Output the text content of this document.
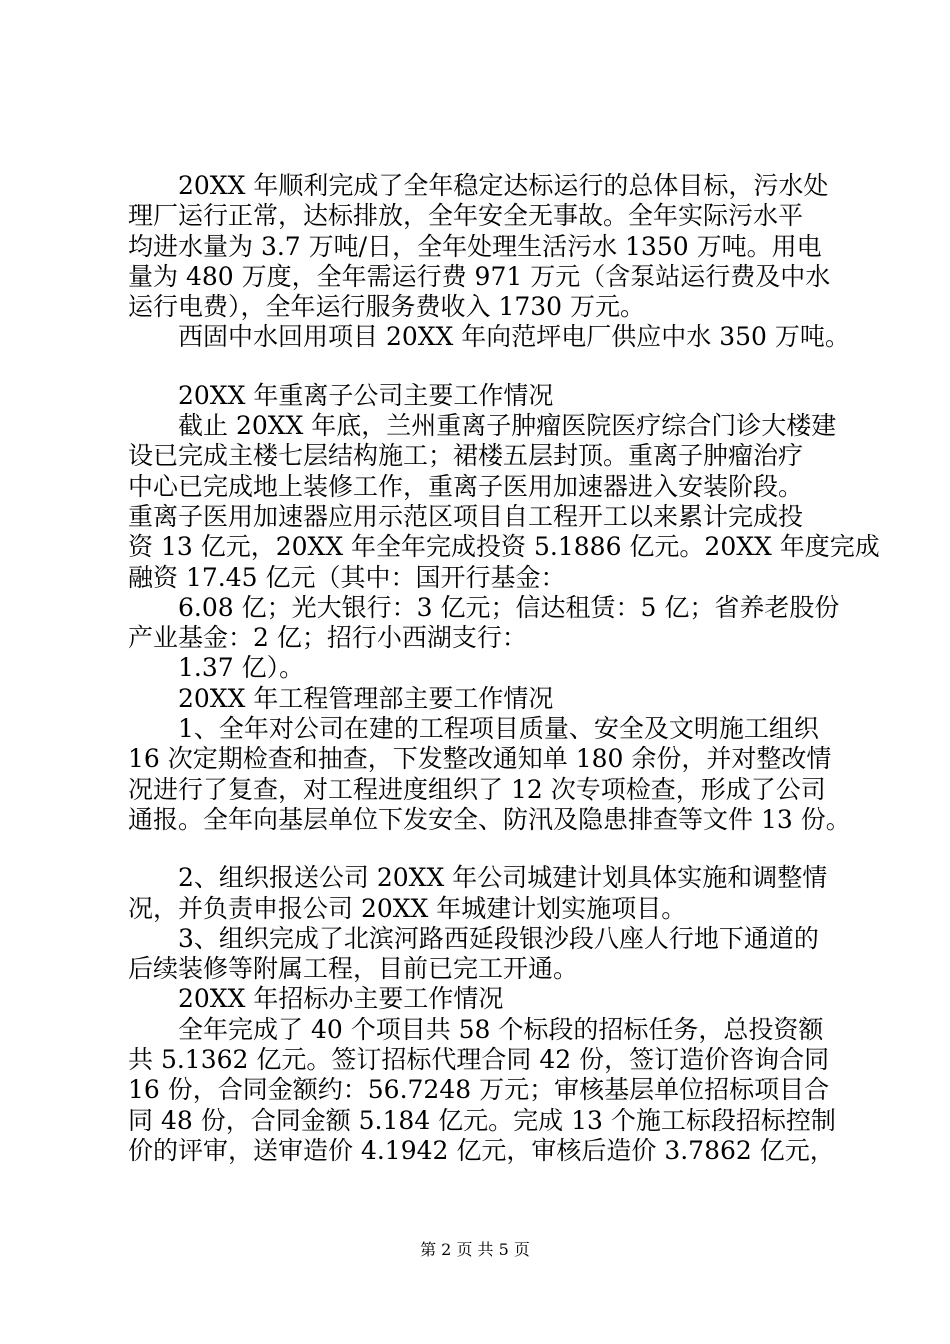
20XX 年顺利完成了全年稳定达标运行的总体目标，污水处
理厂运行正常，达标排放，全年安全无事故。全年实际污水平
均进水量为 3.7 万吨/日，全年处理生活污水 1350 万吨。用电
量为 480 万度，全年需运行费 971 万元（含泵站运行费及中水
运行电费），全年运行服务费收入 1730 万元。
西固中水回用项目 20XX 年向范坪电厂供应中水 350 万吨。
20XX 年重离子公司主要工作情况
截止 20XX 年底，兰州重离子肿瘤医院医疗综合门诊大楼建
设已完成主楼七层结构施工；裙楼五层封顶。重离子肿瘤治疗
中心已完成地上装修工作，重离子医用加速器进入安装阶段。
重离子医用加速器应用示范区项目自工程开工以来累计完成投
资 13 亿元，20XX 年全年完成投资 5.1886 亿元。20XX 年度完成
融资 17.45 亿元（其中：国开行基金：
6.08 亿；光大银行：3 亿元；信达租赁：5 亿；省养老股份
产业基金：2 亿；招行小西湖支行：
1.37 亿）。
20XX 年工程管理部主要工作情况
1、全年对公司在建的工程项目质量、安全及文明施工组织
16 次定期检查和抽查，下发整改通知单 180 余份，并对整改情
况进行了复查，对工程进度组织了 12 次专项检查，形成了公司
通报。全年向基层单位下发安全、防汛及隐患排查等文件 13 份。
2、组织报送公司 20XX 年公司城建计划具体实施和调整情
况，并负责申报公司 20XX 年城建计划实施项目。
3、组织完成了北滨河路西延段银沙段八座人行地下通道的
后续装修等附属工程，目前已完工开通。
20XX 年招标办主要工作情况
全年完成了 40 个项目共 58 个标段的招标任务，总投资额
共 5.1362 亿元。签订招标代理合同 42 份，签订造价咨询合同
16 份，合同金额约：56.7248 万元；审核基层单位招标项目合
同 48 份，合同金额 5.184 亿元。完成 13 个施工标段招标控制
价的评审，送审造价 4.1942 亿元，审核后造价 3.7862 亿元，
第 2 页 共 5 页
